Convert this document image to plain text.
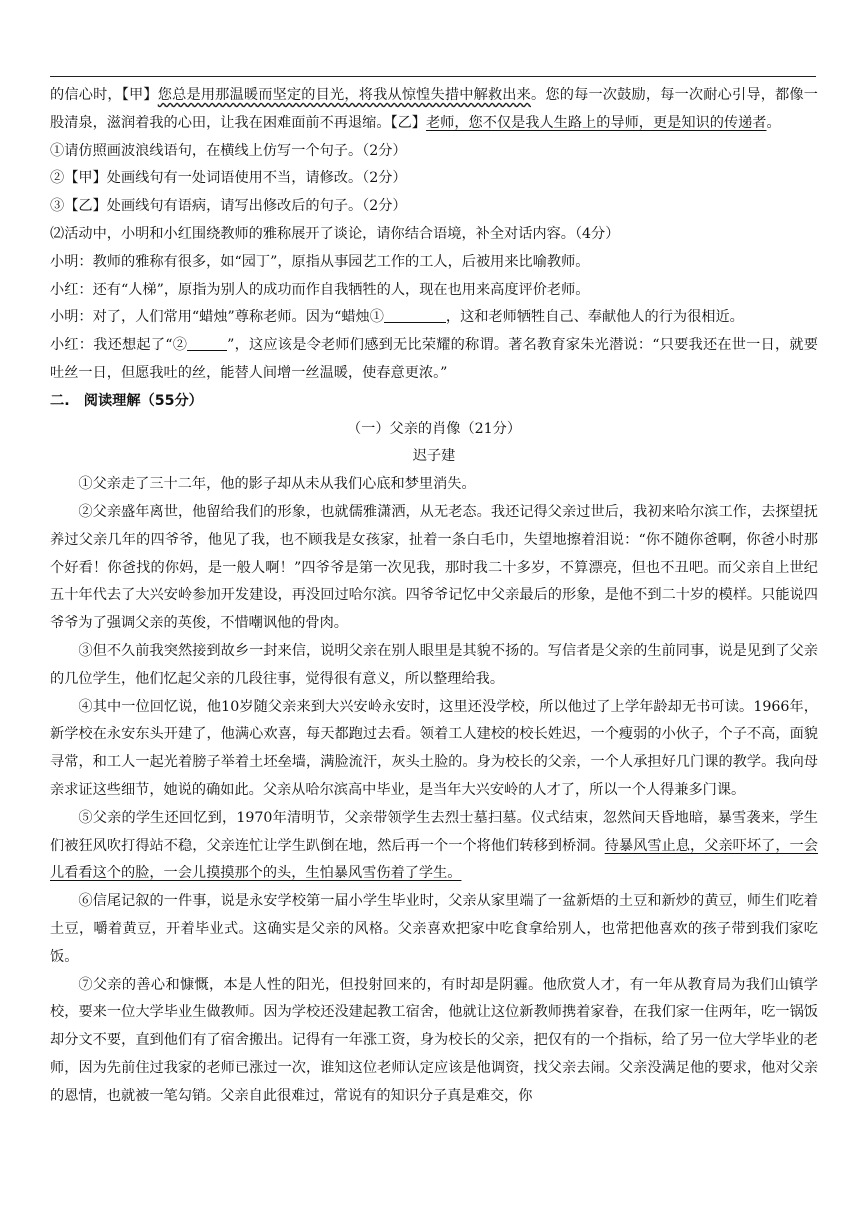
的信心时，【甲】您总是用那温暖而坚定的目光，将我从惊惶失措中解救出来。您的每一次鼓励，每一次耐心引导，都像一股清泉，滋润着我的心田，让我在困难面前不再退缩。【乙】老师，您不仅是我人生路上的导师，更是知识的传递者。

①请仿照画波浪线语句，在横线上仿写一个句子。（2分）

②【甲】处画线句有一处词语使用不当，请修改。（2分）

③【乙】处画线句有语病，请写出修改后的句子。（2分）

⑵活动中，小明和小红围绕教师的雅称展开了谈论，请你结合语境，补全对话内容。（4分）

小明：教师的雅称有很多，如“园丁”，原指从事园艺工作的工人，后被用来比喻教师。

小红：还有“人梯”，原指为别人的成功而作自我牺牲的人，现在也用来高度评价老师。

小明：对了，人们常用“蜡烛”尊称老师。因为“蜡烛①	，这和老师牺牲自己、奉献他人的行为很相近。

小红：我还想起了“②	”，这应该是令老师们感到无比荣耀的称谓。著名教育家朱光潜说：“只要我还在世一日，就要吐丝一日，但愿我吐的丝，能替人间增一丝温暖，使春意更浓。”

二.　阅读理解（55分）

（一）父亲的肖像（21分）

迟子建

①父亲走了三十二年，他的影子却从未从我们心底和梦里消失。

②父亲盛年离世，他留给我们的形象，也就儒雅潇洒，从无老态。我还记得父亲过世后，我初来哈尔滨工作，去探望抚养过父亲几年的四爷爷，他见了我，也不顾我是女孩家，扯着一条白毛巾，失望地擦着泪说：“你不随你爸啊，你爸小时那个好看！你爸找的你妈，是一般人啊！”四爷爷是第一次见我，那时我二十多岁，不算漂亮，但也不丑吧。而父亲自上世纪五十年代去了大兴安岭参加开发建设，再没回过哈尔滨。四爷爷记忆中父亲最后的形象，是他不到二十岁的模样。只能说四爷爷为了强调父亲的英俊，不惜嘲讽他的骨肉。

③但不久前我突然接到故乡一封来信，说明父亲在别人眼里是其貌不扬的。写信者是父亲的生前同事，说是见到了父亲的几位学生，他们忆起父亲的几段往事，觉得很有意义，所以整理给我。

④其中一位回忆说，他10岁随父亲来到大兴安岭永安时，这里还没学校，所以他过了上学年龄却无书可读。1966年，新学校在永安东头开建了，他满心欢喜，每天都跑过去看。领着工人建校的校长姓迟，一个瘦弱的小伙子，个子不高，面貌寻常，和工人一起光着膀子举着土坯垒墙，满脸流汗，灰头土脸的。身为校长的父亲，一个人承担好几门课的教学。我向母亲求证这些细节，她说的确如此。父亲从哈尔滨高中毕业，是当年大兴安岭的人才了，所以一个人得兼多门课。

⑤父亲的学生还回忆到，1970年清明节，父亲带领学生去烈士墓扫墓。仪式结束，忽然间天昏地暗，暴雪袭来，学生们被狂风吹打得站不稳，父亲连忙让学生趴倒在地，然后再一个一个将他们转移到桥洞。待暴风雪止息，父亲吓坏了，一会儿看看这个的脸，一会儿摸摸那个的头，生怕暴风雪伤着了学生。

⑥信尾记叙的一件事，说是永安学校第一届小学生毕业时，父亲从家里端了一盆新焐的土豆和新炒的黄豆，师生们吃着土豆，嚼着黄豆，开着毕业式。这确实是父亲的风格。父亲喜欢把家中吃食拿给别人，也常把他喜欢的孩子带到我们家吃饭。

⑦父亲的善心和慷慨，本是人性的阳光，但投射回来的，有时却是阴霾。他欣赏人才，有一年从教育局为我们山镇学校，要来一位大学毕业生做教师。因为学校还没建起教工宿舍，他就让这位新教师携着家眷，在我们家一住两年，吃一锅饭却分文不要，直到他们有了宿舍搬出。记得有一年涨工资，身为校长的父亲，把仅有的一个指标，给了另一位大学毕业的老师，因为先前住过我家的老师已涨过一次，谁知这位老师认定应该是他调资，找父亲去闹。父亲没满足他的要求，他对父亲的恩情，也就被一笔勾销。父亲自此很难过，常说有的知识分子真是难交，你
